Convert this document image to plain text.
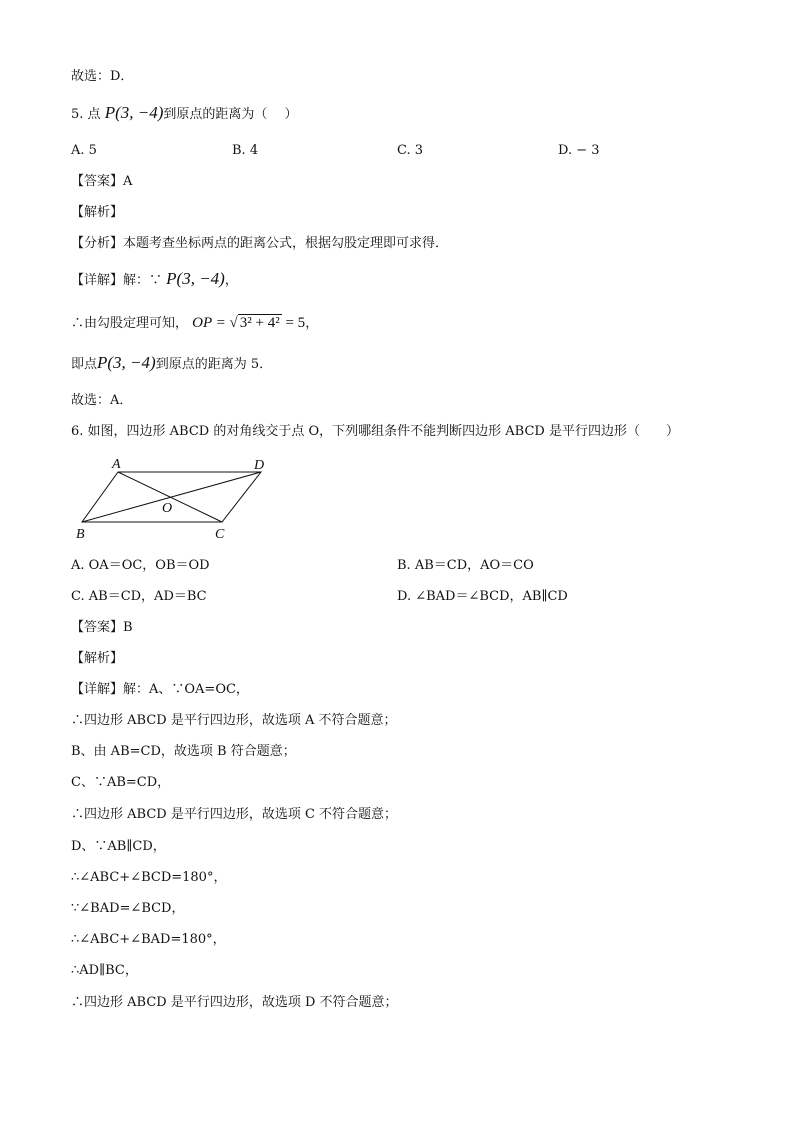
故选：D．
5. 点 P(3, −4)到原点的距离为（　 ）
A. 5	B. 4	C. 3	D. − 3
【答案】A
【解析】
【分析】本题考查坐标两点的距离公式，根据勾股定理即可求得．
【详解】解：∵ P(3, −4)，
∴由勾股定理可知， OP = √ 3² + 4² = 5，
即点P(3, −4)到原点的距离为 5．
故选：A．
6. 如图，四边形 ABCD 的对角线交于点 O，下列哪组条件不能判断四边形 ABCD 是平行四边形（　　）
A	D
B	C
O
A. OA＝OC，OB＝OD	B. AB＝CD，AO＝CO
C. AB＝CD，AD＝BC	D. ∠BAD＝∠BCD，AB∥CD
【答案】B
【解析】
【详解】解：A、∵OA=OC，
∴四边形 ABCD 是平行四边形，故选项 A 不符合题意；
B、由 AB=CD，故选项 B 符合题意；
C、∵AB=CD，
∴四边形 ABCD 是平行四边形，故选项 C 不符合题意；
D、∵AB∥CD，
∴∠ABC+∠BCD=180°，
∵∠BAD=∠BCD，
∴∠ABC+∠BAD=180°，
∴AD∥BC，
∴四边形 ABCD 是平行四边形，故选项 D 不符合题意；
